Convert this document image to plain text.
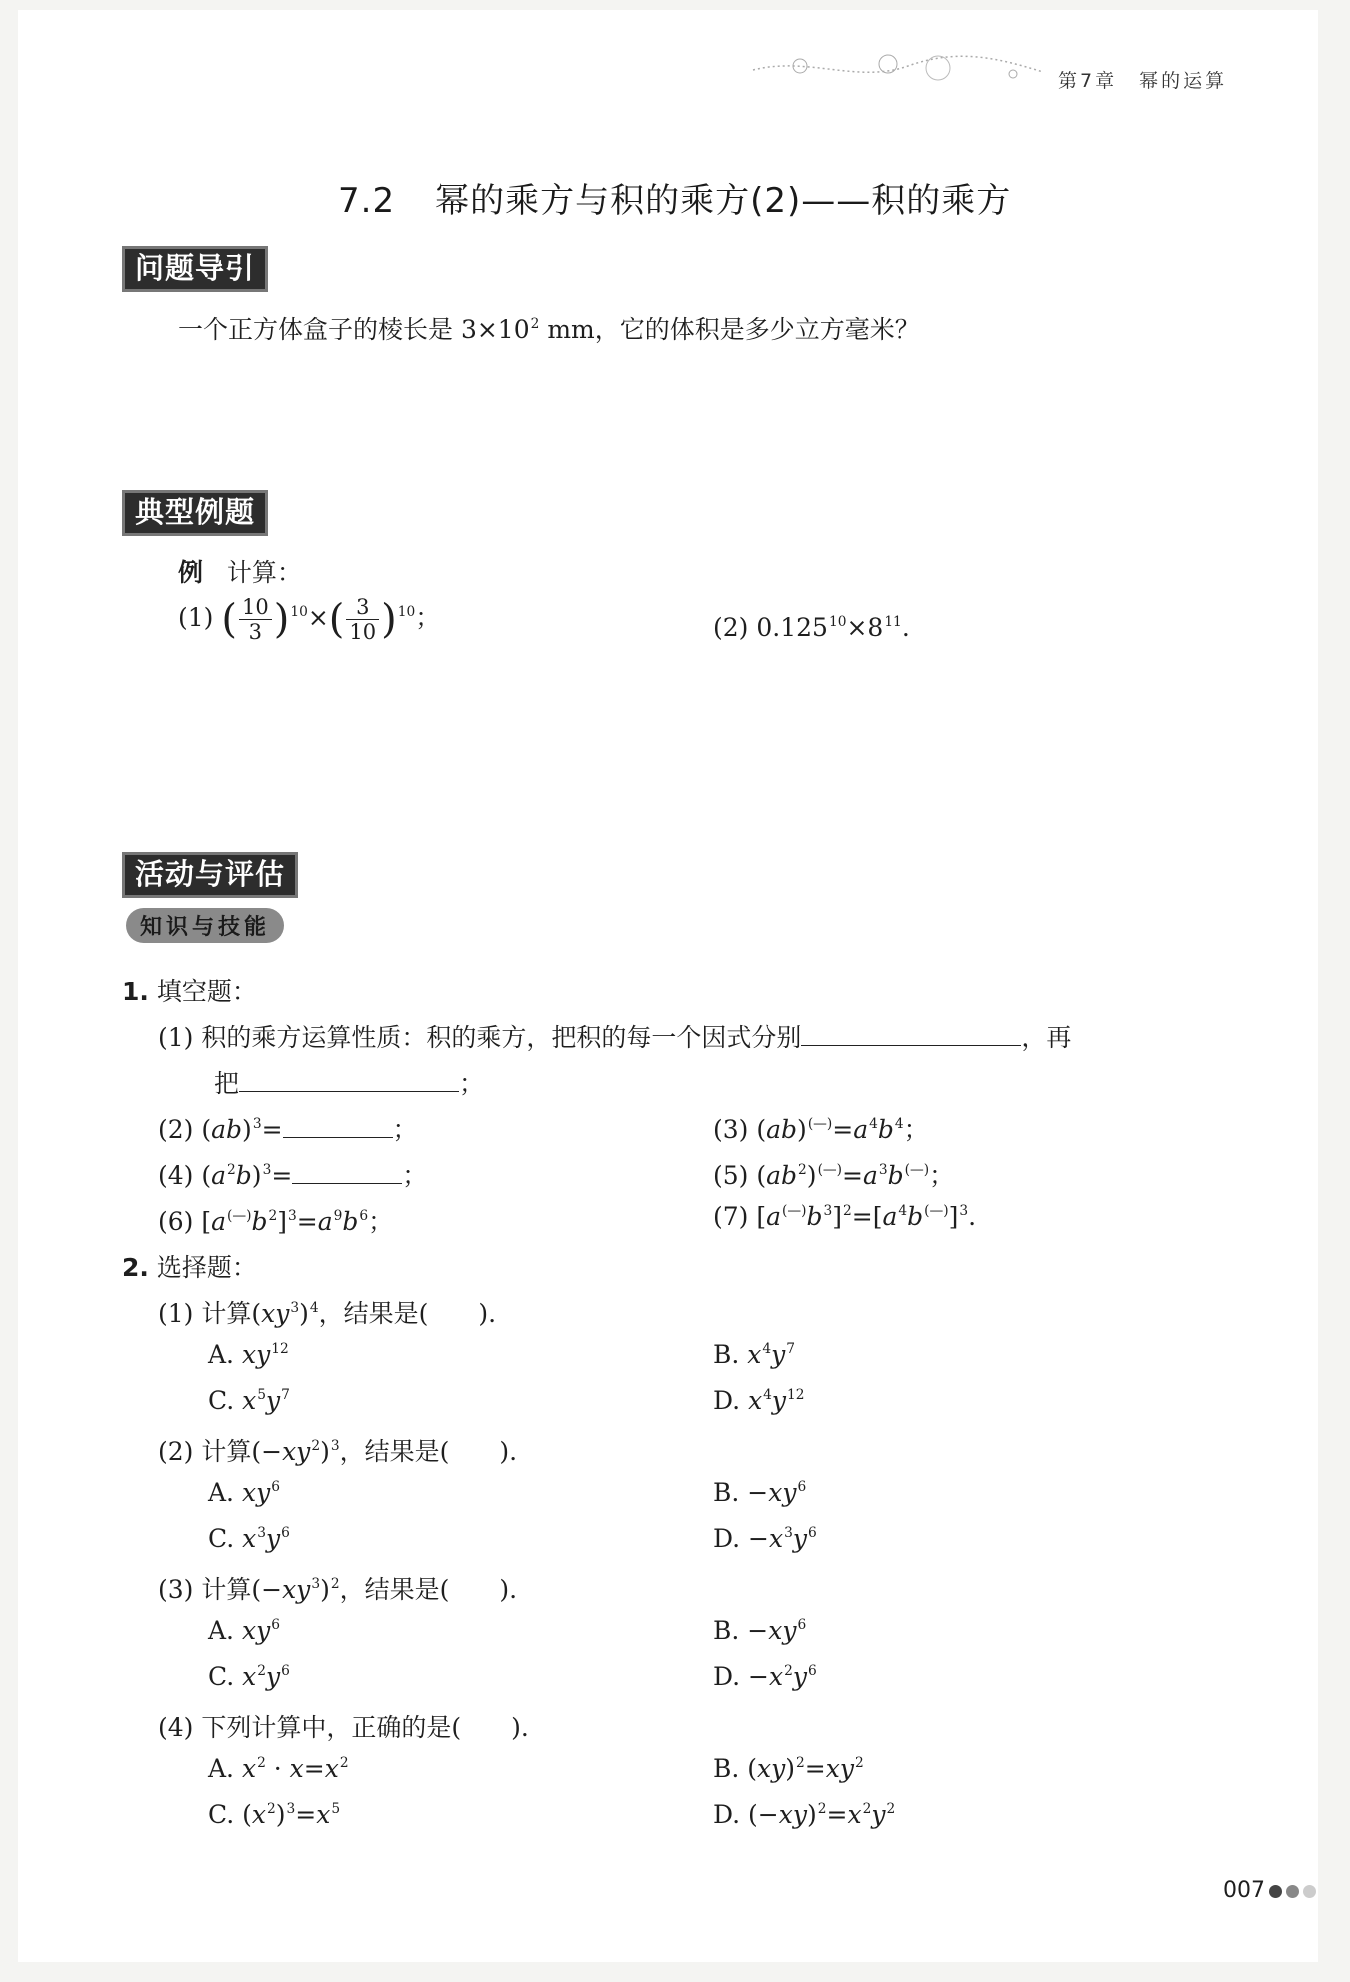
第7章　幂的运算
7.2 幂的乘方与积的乘方(2)——积的乘方
问题导引
一个正方体盒子的棱长是 $3\times 10^2$ mm，它的体积是多少立方毫米？
典型例题
例 计算：
(1) ( $\frac{10}{3} )^{10}\times( \frac{3}{10} )^{10}$；	(2) $0.125^{10}\times 8^{11}$.
活动与评估
知识与技能
1. 填空题：
(1) 积的乘方运算性质：积的乘方，把积的每一个因式分别	，再
把	；
(2) (ab)$^3$=	；	(3) $(ab)^{(—)}=a^4b^4$；
(4) $(a^2b)^3=$	；	(5) $(ab^2)^{(—)}=a^3b^{(—)}$；
(6) $[a^{(—)}b^2]^3=a^9b^6$；	(7) $[a^{(—)}b^3]^2=[a^4b^{(—)}]^3$.
2. 选择题：
(1) 计算$(xy^3)^4$，结果是(　　).
A. $xy^{12}$	B. $x^4y^7$
C. $x^5y^7$	D. $x^4y^{12}$
(2) 计算$(-xy^2)^3$，结果是(　　).
A. $xy^6$	B. $-xy^6$
C. $x^3y^6$	D. $-x^3y^6$
(3) 计算$(-xy^3)^2$，结果是(　　).
A. $xy^6$	B. $-xy^6$
C. $x^2y^6$	D. $-x^2y^6$
(4) 下列计算中，正确的是(　　).
A. $x^2 \cdot x=x^2$	B. $(xy)^2=xy^2$
C. $(x^2)^3=x^5$	D. $(-xy)^2=x^2y^2$
007
